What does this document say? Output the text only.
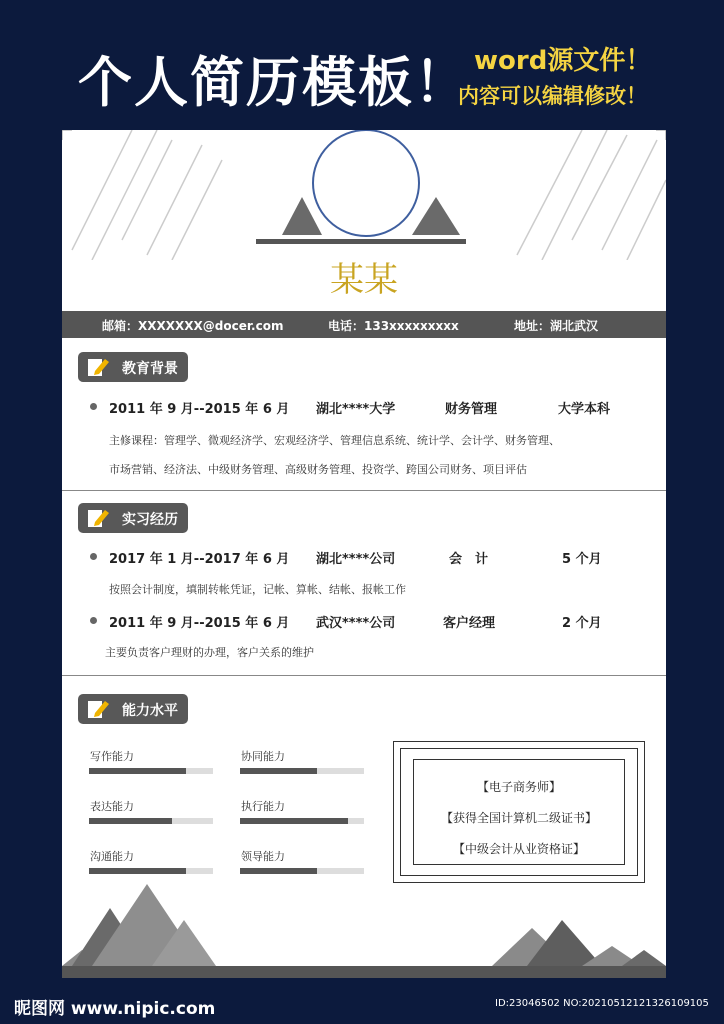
个人简历模板！ word源文件！
内容可以编辑修改！
某某
邮箱：XXXXXXX@docer.com	电话：133xxxxxxxxx	地址：湖北武汉
教育背景
2011 年 9 月--2015 年 6 月 湖北****大学	财务管理	大学本科
主修课程：管理学、微观经济学、宏观经济学、管理信息系统、统计学、会计学、财务管理、
市场营销、经济法、中级财务管理、高级财务管理、投资学、跨国公司财务、项目评估
实习经历
2017 年 1 月--2017 年 6 月 湖北****公司	会　计	5 个月
按照会计制度，填制转帐凭证，记帐、算帐、结帐、报帐工作
2011 年 9 月--2015 年 6 月 武汉****公司	客户经理	2 个月
主要负责客户理财的办理，客户关系的维护
能力水平
写作能力	协同能力
表达能力	执行能力
沟通能力	领导能力
【电子商务师】
【获得全国计算机二级证书】
【中级会计从业资格证】
昵图网 www.nipic.com	ID:23046502 NO:20210512121326109105
